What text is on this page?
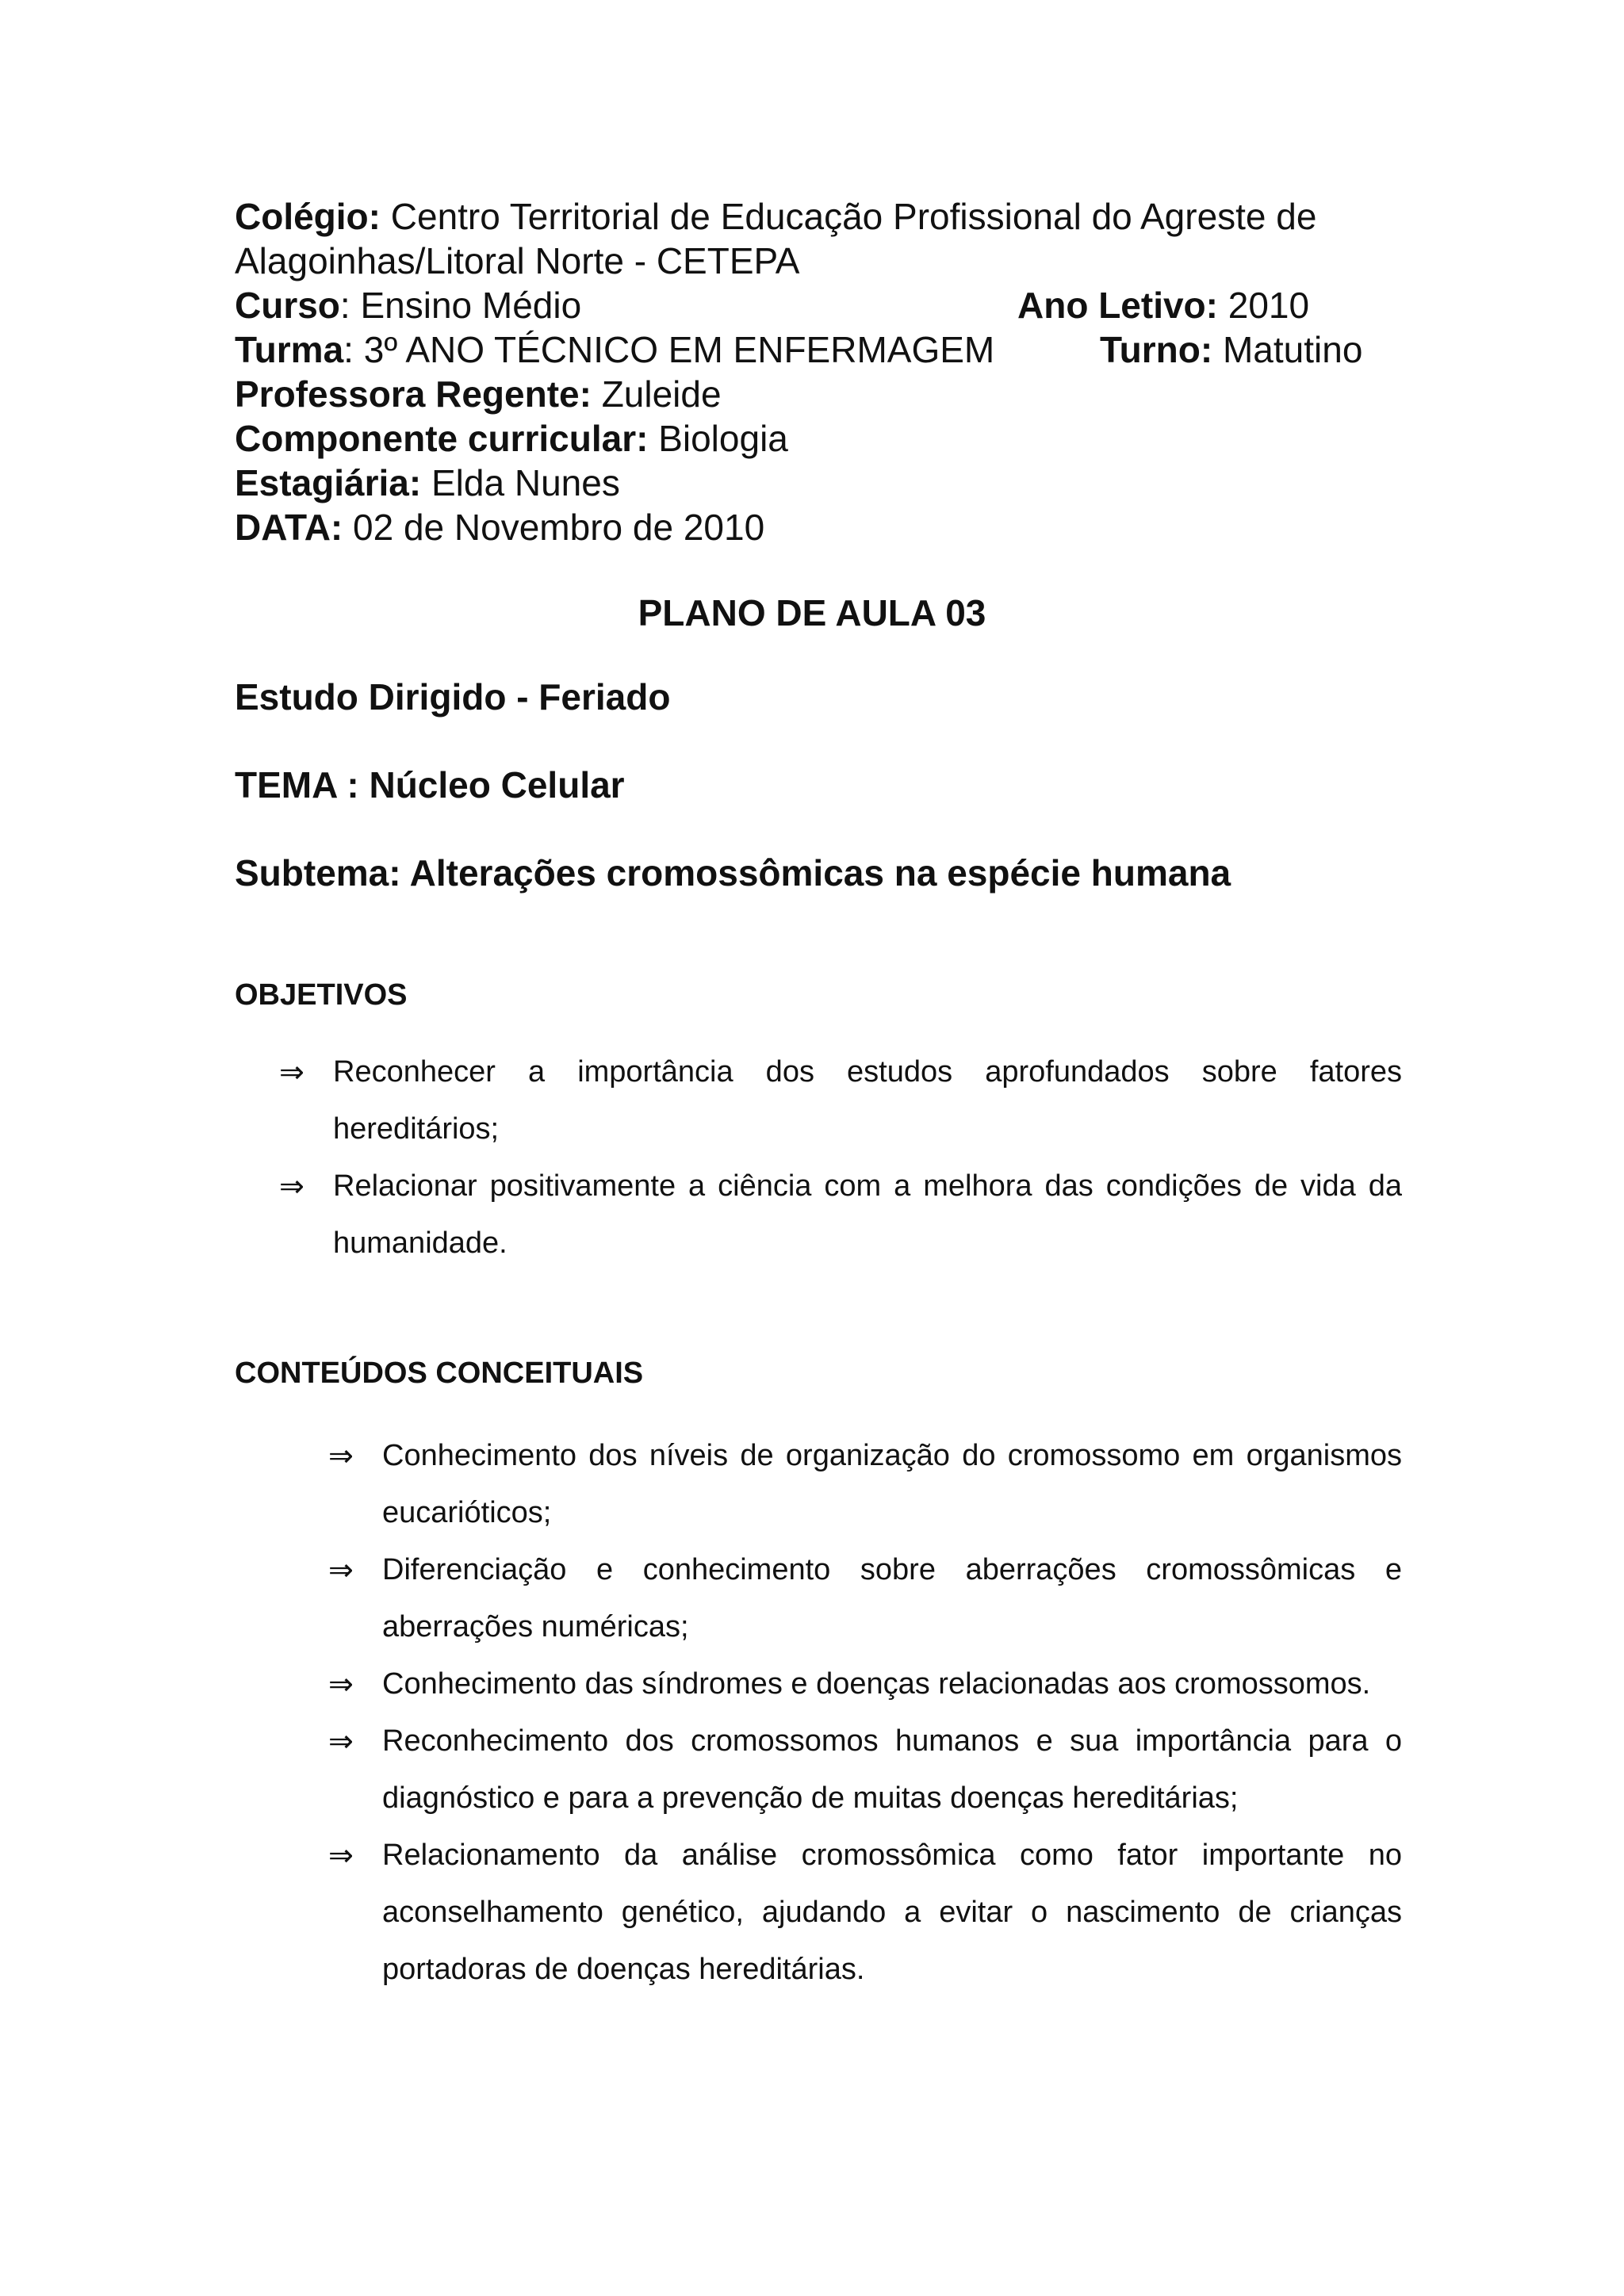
Colégio: Centro Territorial de Educação Profissional do Agreste de
Alagoinhas/Litoral Norte - CETEPA
Curso: Ensino Médio	Ano Letivo: 2010
Turma: 3º ANO TÉCNICO EM ENFERMAGEM	Turno: Matutino
Professora Regente: Zuleide
Componente curricular: Biologia
Estagiária: Elda Nunes
DATA: 02 de Novembro de 2010
PLANO DE AULA 03
Estudo Dirigido - Feriado
TEMA : Núcleo Celular
Subtema: Alterações cromossômicas na espécie humana
OBJETIVOS
⇒ Reconhecer a importância dos estudos aprofundados sobre fatores hereditários;
⇒ Relacionar positivamente a ciência com a melhora das condições de vida da humanidade.
CONTEÚDOS CONCEITUAIS
⇒ Conhecimento dos níveis de organização do cromossomo em organismos eucarióticos;
⇒ Diferenciação e conhecimento sobre aberrações cromossômicas e aberrações numéricas;
⇒ Conhecimento das síndromes e doenças relacionadas aos cromossomos.
⇒ Reconhecimento dos cromossomos humanos e sua importância para o diagnóstico e para a prevenção de muitas doenças hereditárias;
⇒ Relacionamento da análise cromossômica como fator importante no aconselhamento genético, ajudando a evitar o nascimento de crianças portadoras de doenças hereditárias.
